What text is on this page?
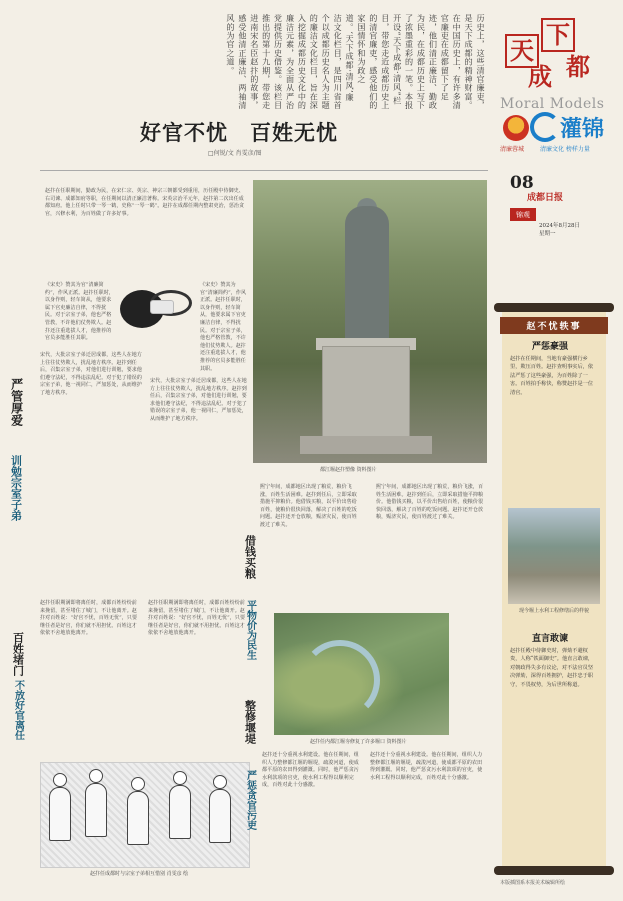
历史上，这些清官廉吏，是天下成都的精神财富。在中国历史上，有许多清官廉吏在成都留下了足迹，他们清正廉洁、勤政为民，在成都历史上写下了浓墨重彩的一笔。本报开设“天下成都·清风”栏目，带您走近成都历史上的清官廉吏，感受他们的家国情怀和为政之道。‘天下成都·清风’廉洁文化栏目，是四川省首个以成都历史名人为主题的廉洁文化栏目，旨在深入挖掘成都历史文化中的廉洁元素，为全面从严治党提供历史借鉴。该栏目推出的第十九期，带您走进南宋名臣赵抃的故事，感受他清正廉洁、两袖清风的为官之道。	天
下
成 都
Moral Models
清廉蓉城
灌锦
清廉文化 榜样力量
好官不忧　百姓无忧
□何锐/文 肖雯彦/图
08
成都日报
锦观
2024年8月28日
星期一
赵抃在任职期间，勤政为民，在宋仁宗、英宗、神宗三朝都受到重用，历任殿中侍御史、右司谏、成都知府等职，在任期间以清正廉洁著称。宋英宗治平元年，赵抃第二次出任成都知府。他上任时只带一琴一鹤，史称“一琴一鹤”。赵抃在成都任期内整肃吏治，惩治贪官，兴修水利，为百姓做了许多好事。
《宋史》赞其为官“清廉简约”，作风正派。赵抃任职时，以身作则，轻车简从，他要求属下官吏廉洁自律，不得扰民。对于宗室子弟，他也严格管教，不许他们仗势欺人。赵抃还注重选拔人才，他推荐的官员多能胜任其职。
《宋史》赞其为官“清廉简约”，作风正派。赵抃任职时，以身作则，轻车简从，他要求属下官吏廉洁自律，不得扰民。对于宗室子弟，他也严格管教，不许他们仗势欺人。赵抃还注重选拔人才，他推荐的官员多能胜任其职。
都江堰赵抃塑像 资料图片
严管厚爱
训勉宗室子弟
宋代，大批宗室子弟迁居成都，这些人在地方上往往仗势欺人，扰乱地方秩序。赵抃到任后，召集宗室子弟，对他们进行训勉，要求他们遵守法纪，不得违法乱纪。对于犯了错误的宗室子弟，他一视同仁，严加惩处，从而维护了地方秩序。
宋代，大批宗室子弟迁居成都，这些人在地方上往往仗势欺人，扰乱地方秩序。赵抃到任后，召集宗室子弟，对他们进行训勉，要求他们遵守法纪，不得违法乱纪。对于犯了错误的宗室子弟，他一视同仁，严加惩处，从而维护了地方秩序。
借钱买粮
平物价为民生
熙宁年间，成都地区出现了粮荒，粮价飞涨，百姓生活困难。赵抃到任后，立即采取措施平抑粮价。他借钱买粮，以平价出售给百姓，使粮价很快回落，解决了百姓的吃饭问题。赵抃还开仓放粮，赈济灾民，使百姓渡过了难关。
熙宁年间，成都地区出现了粮荒，粮价飞涨，百姓生活困难。赵抃到任后，立即采取措施平抑粮价。他借钱买粮，以平价出售给百姓，使粮价很快回落，解决了百姓的吃饭问题。赵抃还开仓放粮，赈济灾民，使百姓渡过了难关。
百姓堵门
不放好官离任
赵抃任职期满即将离任时，成都百姓纷纷前来挽留，甚至堵住了城门，不让他离开。赵抃对百姓说：“好官不忧，百姓无忧”，只要继任者是好官，你们就不用担忧。百姓这才依依不舍地放他离开。
赵抃任职期满即将离任时，成都百姓纷纷前来挽留，甚至堵住了城门，不让他离开。赵抃对百姓说：“好官不忧，百姓无忧”，只要继任者是好官，你们就不用担忧。百姓这才依依不舍地放他离开。
赵抃任成都时与宗室子弟相互惜别 肖雯彦 绘
赵抃任内都江堰夯修复了许多堰口 资料图片
整修堰堤
严惩贪官污吏
赵抃还十分重视水利建设。他在任期间，组织人力整修都江堰的堰堤，疏浚河道，使成都平原的农田得到灌溉。同时，他严惩贪污水利款项的官吏，使水利工程得以顺利完成，百姓对此十分感激。
赵抃还十分重视水利建设。他在任期间，组织人力整修都江堰的堰堤，疏浚河道，使成都平原的农田得到灌溉。同时，他严惩贪污水利款项的官吏，使水利工程得以顺利完成，百姓对此十分感激。
赵不忧轶事
严惩豪强
赵抃在任期间，当地有豪强横行乡里，欺压百姓。赵抃查明事实后，依法严惩了这些豪强，为百姓除了一害。百姓拍手称快，称赞赵抃是一位清官。
现今堰上水利工程修缮后的样貌
直言敢谏
赵抃任殿中侍御史时，弹劾不避权贵，人称“铁面御史”。他直言敢谏，对朝政得失多有议论，对不法官员坚决弹劾，深得百姓拥护，赵抃忠于职守，不畏权势，为后世所称道。
本版插图系本报美术编辑所绘
